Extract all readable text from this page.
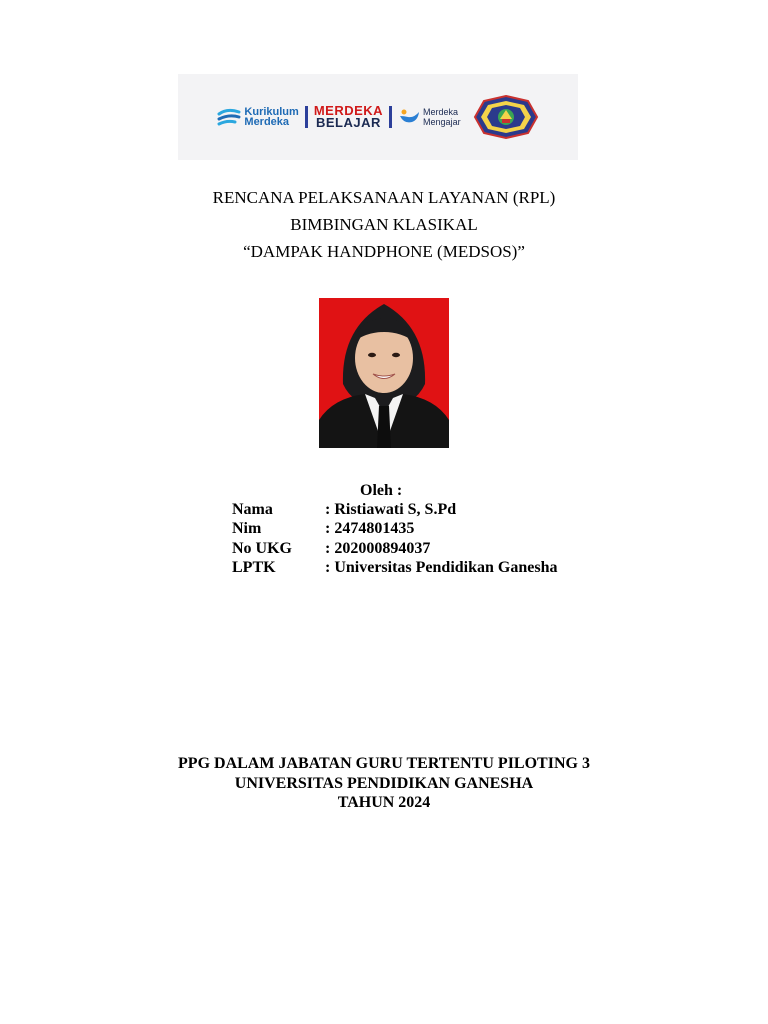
Kurikulum
Merdeka
MERDEKA
BELAJAR
Merdeka
Mengajar
RENCANA PELAKSANAAN LAYANAN (RPL)
BIMBINGAN KLASIKAL
“DAMPAK HANDPHONE (MEDSOS)”
Oleh :
Nama	: Ristiawati S, S.Pd
Nim	: 2474801435
No UKG	: 202000894037
LPTK	: Universitas Pendidikan Ganesha
PPG DALAM JABATAN GURU TERTENTU PILOTING 3
UNIVERSITAS PENDIDIKAN GANESHA
TAHUN 2024
